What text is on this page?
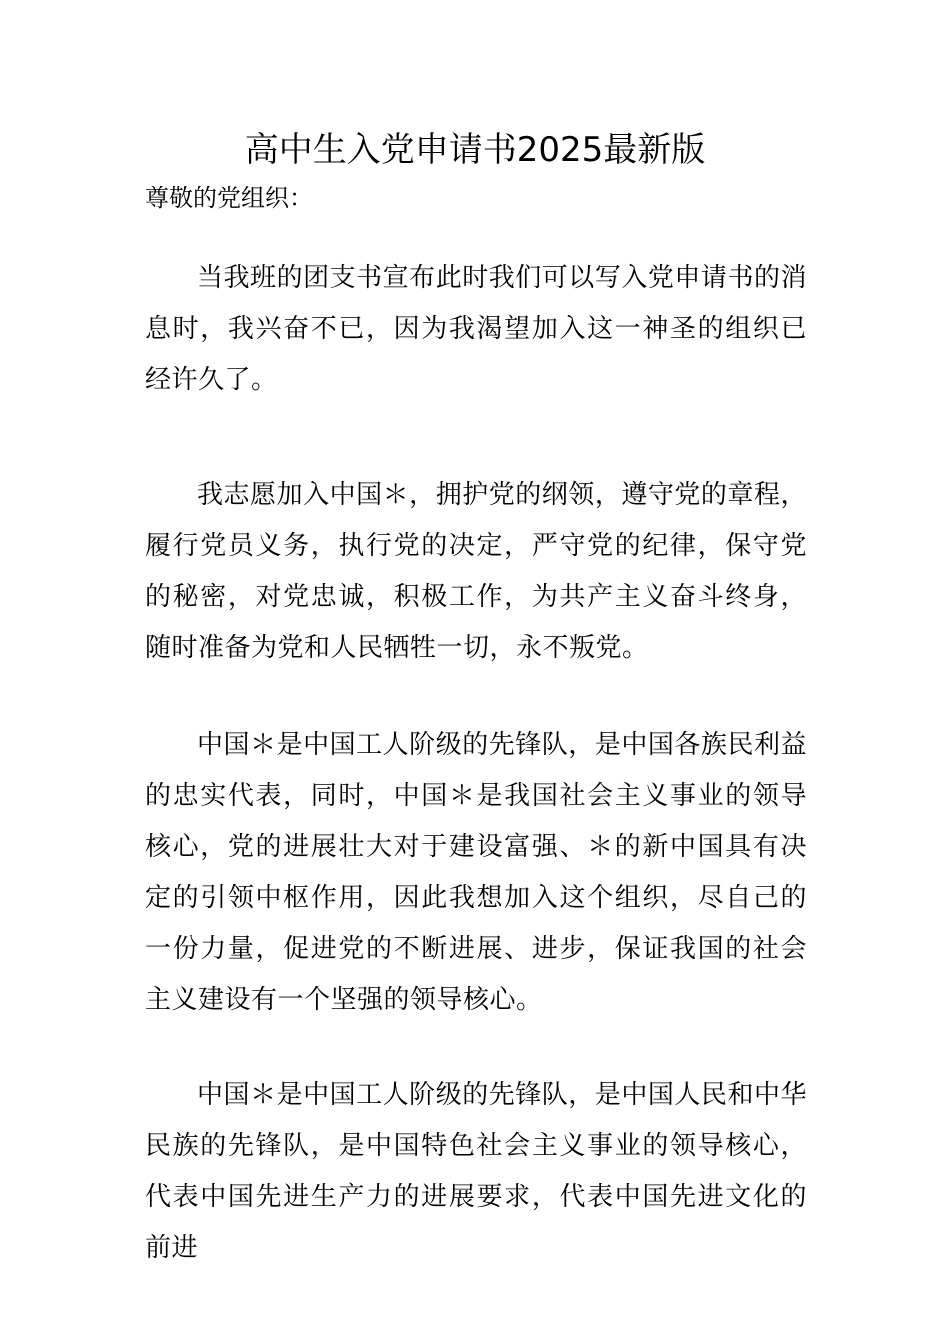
高中生入党申请书2025最新版

尊敬的党组织：

当我班的团支书宣布此时我们可以写入党申请书的消息时，我兴奋不已，因为我渴望加入这一神圣的组织已经许久了。

我志愿加入中国＊，拥护党的纲领，遵守党的章程，履行党员义务，执行党的决定，严守党的纪律，保守党的秘密，对党忠诚，积极工作，为共产主义奋斗终身，随时准备为党和人民牺牲一切，永不叛党。

中国＊是中国工人阶级的先锋队，是中国各族民利益的忠实代表，同时，中国＊是我国社会主义事业的领导核心，党的进展壮大对于建设富强、＊的新中国具有决定的引领中枢作用，因此我想加入这个组织，尽自己的一份力量，促进党的不断进展、进步，保证我国的社会主义建设有一个坚强的领导核心。

中国＊是中国工人阶级的先锋队，是中国人民和中华民族的先锋队，是中国特色社会主义事业的领导核心，代表中国先进生产力的进展要求，代表中国先进文化的前进
